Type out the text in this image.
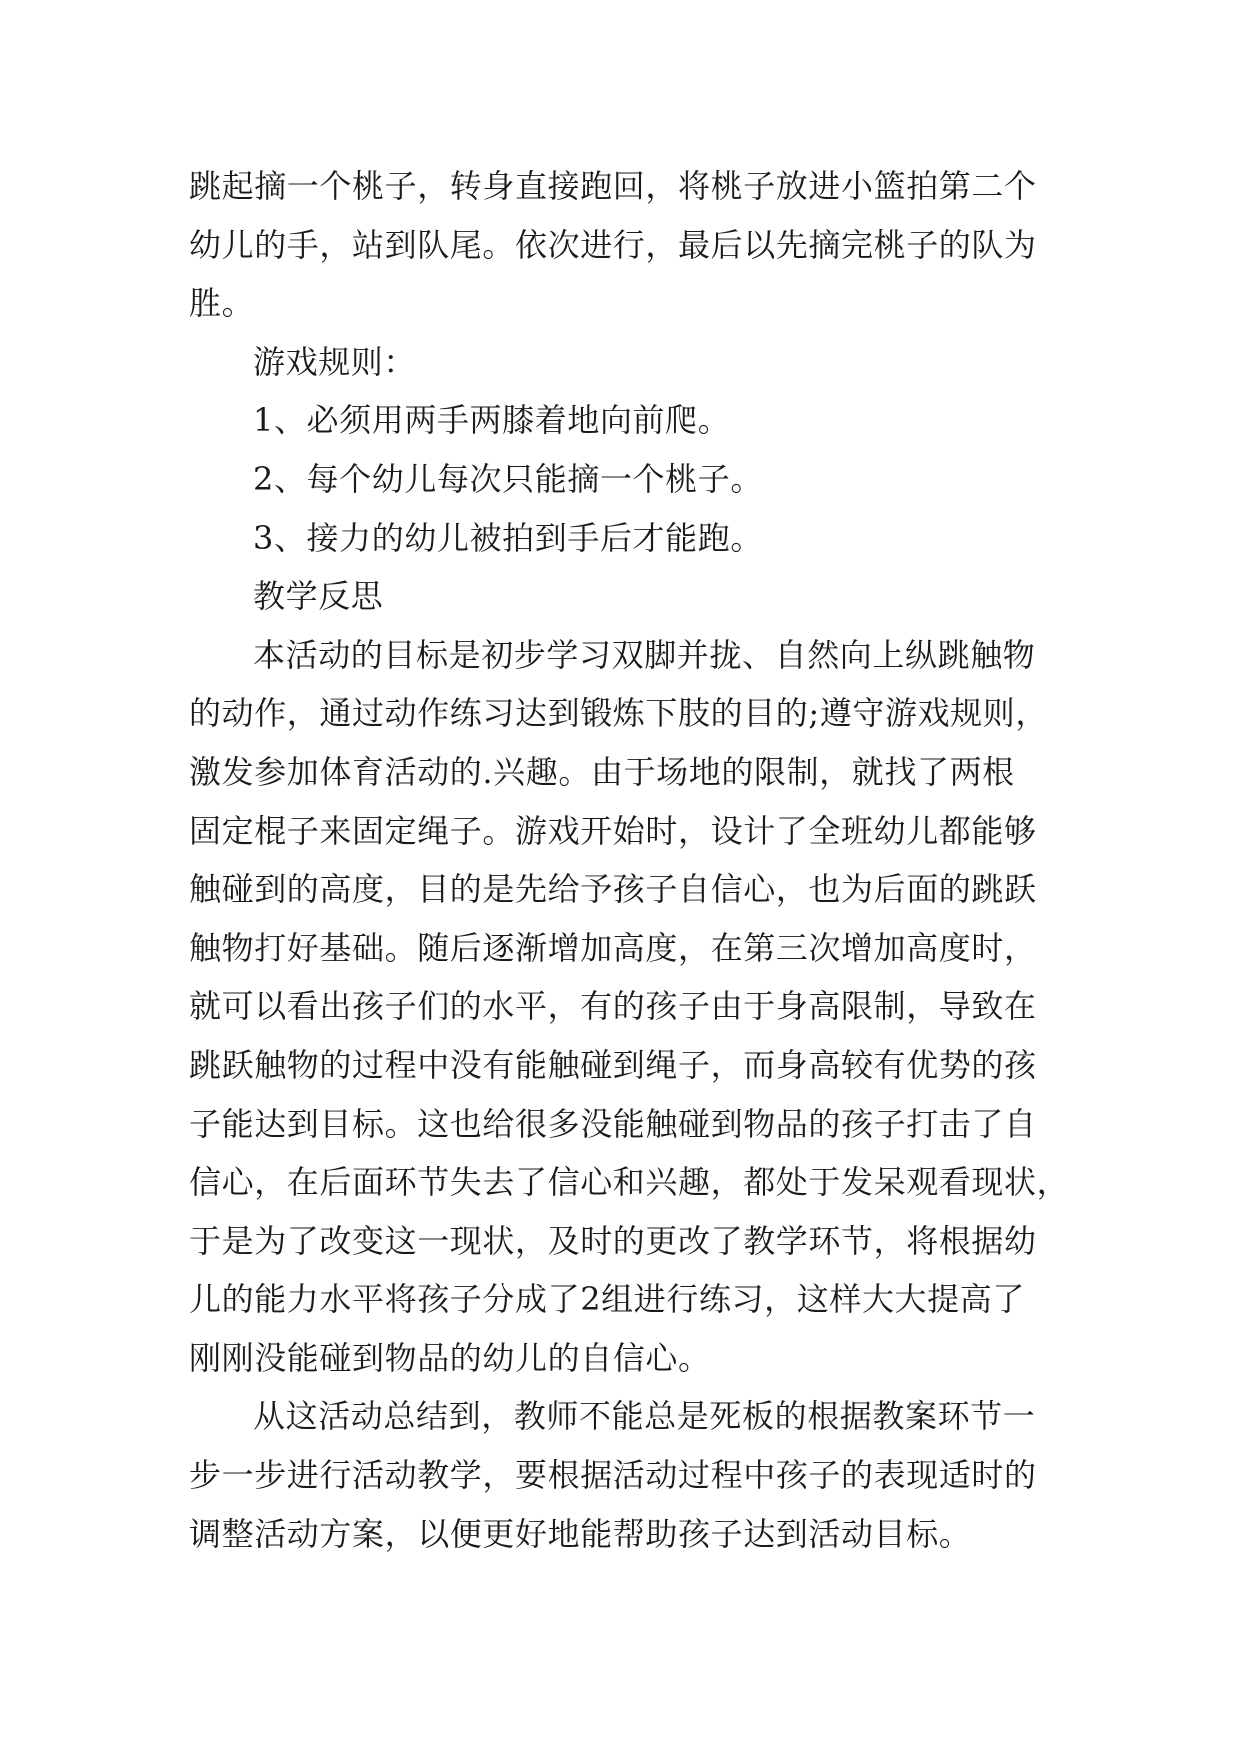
跳起摘一个桃子，转身直接跑回，将桃子放进小篮拍第二个
幼儿的手，站到队尾。依次进行，最后以先摘完桃子的队为
胜。
游戏规则：
1、必须用两手两膝着地向前爬。
2、每个幼儿每次只能摘一个桃子。
3、接力的幼儿被拍到手后才能跑。
教学反思
本活动的目标是初步学习双脚并拢、自然向上纵跳触物
的动作，通过动作练习达到锻炼下肢的目的;遵守游戏规则，
激发参加体育活动的.兴趣。由于场地的限制，就找了两根
固定棍子来固定绳子。游戏开始时，设计了全班幼儿都能够
触碰到的高度，目的是先给予孩子自信心，也为后面的跳跃
触物打好基础。随后逐渐增加高度，在第三次增加高度时，
就可以看出孩子们的水平，有的孩子由于身高限制，导致在
跳跃触物的过程中没有能触碰到绳子，而身高较有优势的孩
子能达到目标。这也给很多没能触碰到物品的孩子打击了自
信心，在后面环节失去了信心和兴趣，都处于发呆观看现状，
于是为了改变这一现状，及时的更改了教学环节，将根据幼
儿的能力水平将孩子分成了2组进行练习，这样大大提高了
刚刚没能碰到物品的幼儿的自信心。
从这活动总结到，教师不能总是死板的根据教案环节一
步一步进行活动教学，要根据活动过程中孩子的表现适时的
调整活动方案，以便更好地能帮助孩子达到活动目标。
